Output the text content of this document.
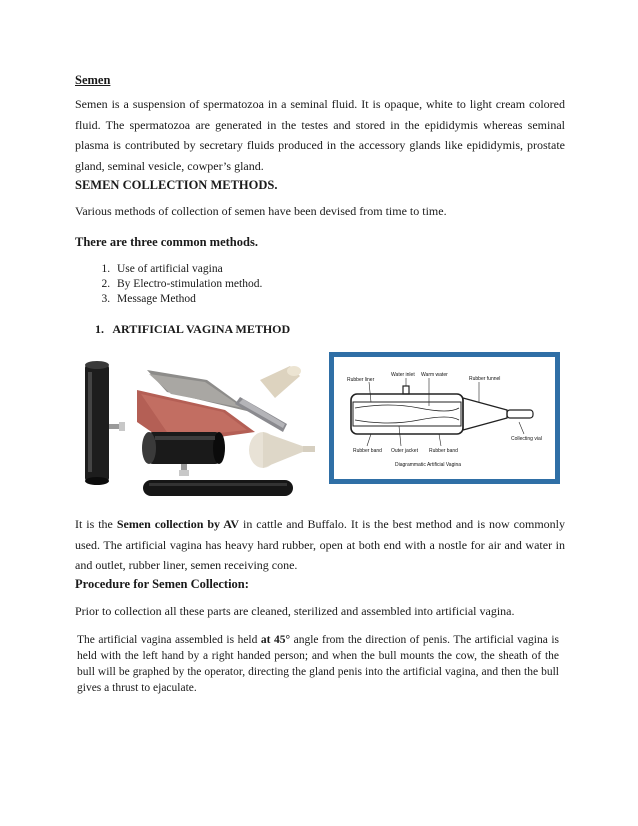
Semen
Semen is a suspension of spermatozoa in a seminal fluid. It is opaque, white to light cream colored fluid. The spermatozoa are generated in the testes and stored in the epididymis whereas seminal plasma is contributed by secretary fluids produced in the accessory glands like epididymis, prostate gland, seminal vesicle, cowper’s gland.
SEMEN COLLECTION METHODS.
Various methods of collection of semen have been devised from time to time.
There are three common methods.
1. Use of artificial vagina
2. By Electro-stimulation method.
3. Message Method
1. ARTIFICIAL VAGINA METHOD
Water inlet Warm water
Rubber liner	Rubber funnel
Collecting vial
Rubber band Outer jacket Rubber band
Diagrammatic Artificial Vagina
It is the Semen collection by AV in cattle and Buffalo. It is the best method and is now commonly used. The artificial vagina has heavy hard rubber, open at both end with a nostle for air and water in and outlet, rubber liner, semen receiving cone.
Procedure for Semen Collection:
Prior to collection all these parts are cleaned, sterilized and assembled into artificial vagina.
The artificial vagina assembled is held at 45° angle from the direction of penis. The artificial vagina is held with the left hand by a right handed person; and when the bull mounts the cow, the sheath of the bull will be graphed by the operator, directing the gland penis into the artificial vagina, and then the bull gives a thrust to ejaculate.
